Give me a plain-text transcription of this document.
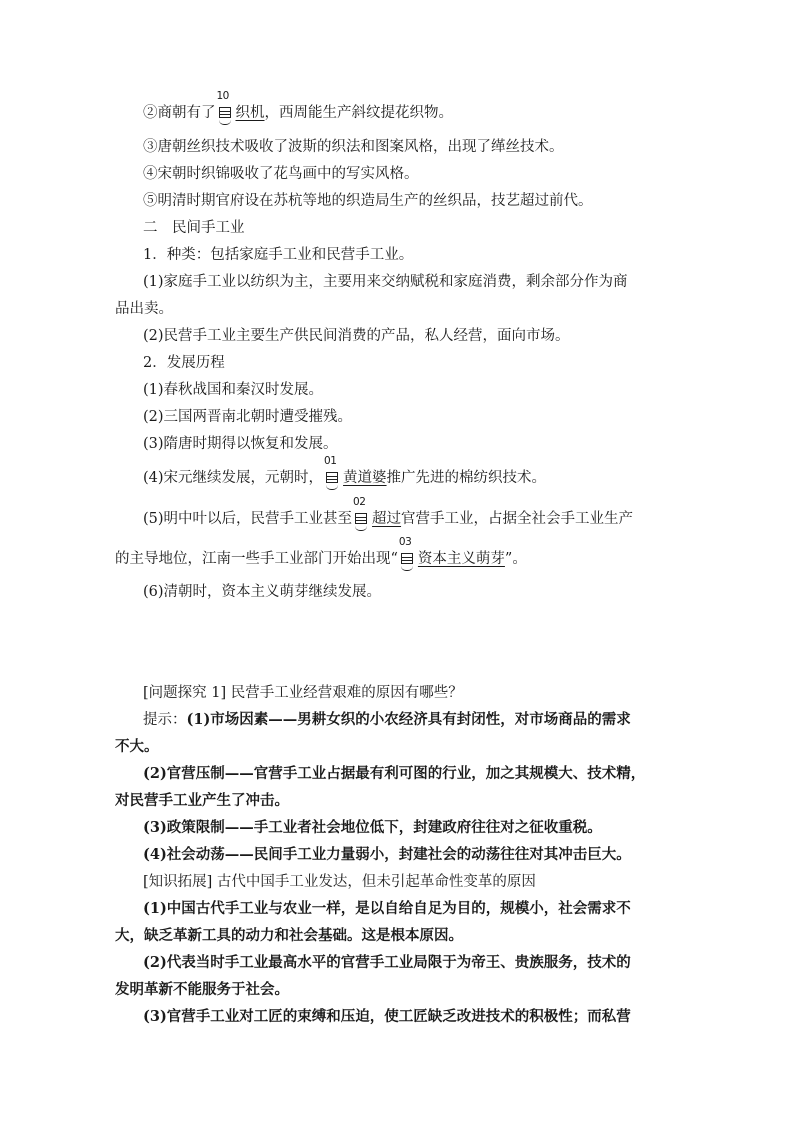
②商朝有了
10
织机，西周能生产斜纹提花织物。
③唐朝丝织技术吸收了波斯的织法和图案风格，出现了缂丝技术。
④宋朝时织锦吸收了花鸟画中的写实风格。
⑤明清时期官府设在苏杭等地的织造局生产的丝织品，技艺超过前代。
二　民间手工业
1．种类：包括家庭手工业和民营手工业。
(1)家庭手工业以纺织为主，主要用来交纳赋税和家庭消费，剩余部分作为商
品出卖。
(2)民营手工业主要生产供民间消费的产品，私人经营，面向市场。
2．发展历程
(1)春秋战国和秦汉时发展。
(2)三国两晋南北朝时遭受摧残。
(3)隋唐时期得以恢复和发展。
(4)宋元继续发展，元朝时，
01
黄道婆推广先进的棉纺织技术。
(5)明中叶以后，民营手工业甚至
02
超过官营手工业，占据全社会手工业生产
的主导地位，江南一些手工业部门开始出现“
03
资本主义萌芽”。
(6)清朝时，资本主义萌芽继续发展。
[问题探究 1] 民营手工业经营艰难的原因有哪些？
提示：(1)市场因素——男耕女织的小农经济具有封闭性，对市场商品的需求
不大。
(2)官营压制——官营手工业占据最有利可图的行业，加之其规模大、技术精，
对民营手工业产生了冲击。
(3)政策限制——手工业者社会地位低下，封建政府往往对之征收重税。
(4)社会动荡——民间手工业力量弱小，封建社会的动荡往往对其冲击巨大。
[知识拓展] 古代中国手工业发达，但未引起革命性变革的原因
(1)中国古代手工业与农业一样，是以自给自足为目的，规模小，社会需求不
大，缺乏革新工具的动力和社会基础。这是根本原因。
(2)代表当时手工业最高水平的官营手工业局限于为帝王、贵族服务，技术的
发明革新不能服务于社会。
(3)官营手工业对工匠的束缚和压迫，使工匠缺乏改进技术的积极性；而私营
